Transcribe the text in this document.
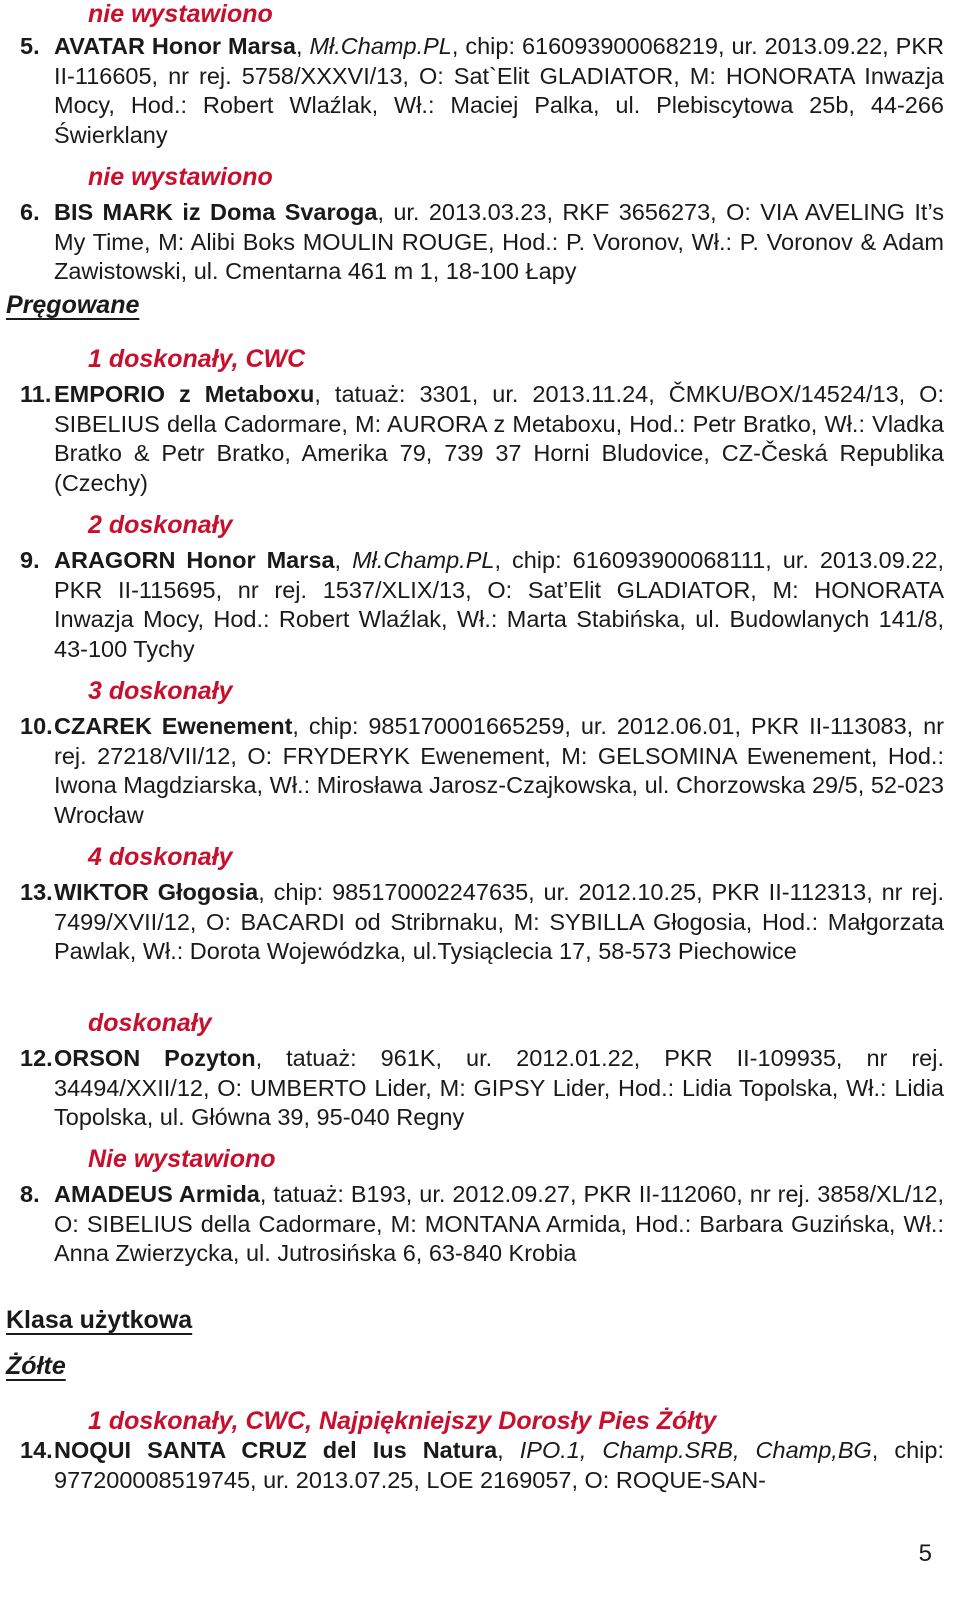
nie wystawiono
5. AVATAR Honor Marsa, Mł.Champ.PL, chip: 616093900068219, ur. 2013.09.22, PKR II-116605, nr rej. 5758/XXXVI/13, O: Sat`Elit GLADIATOR, M: HONORATA Inwazja Mocy, Hod.: Robert Wlaźlak, Wł.: Maciej Palka, ul. Plebiscytowa 25b, 44-266 Świerklany
nie wystawiono
6. BIS MARK iz Doma Svaroga, ur. 2013.03.23, RKF 3656273, O: VIA AVELING It’s My Time, M: Alibi Boks MOULIN ROUGE, Hod.: P. Voronov, Wł.: P. Voronov & Adam Zawistowski, ul. Cmentarna 461 m 1, 18-100 Łapy
Pręgowane
1 doskonały, CWC
11. EMPORIO z Metaboxu, tatuaż: 3301, ur. 2013.11.24, ČMKU/BOX/14524/13, O: SIBELIUS della Cadormare, M: AURORA z Metaboxu, Hod.: Petr Bratko, Wł.: Vladka Bratko & Petr Bratko, Amerika 79, 739 37 Horni Bludovice, CZ-Česká Republika (Czechy)
2 doskonały
9. ARAGORN Honor Marsa, Mł.Champ.PL, chip: 616093900068111, ur. 2013.09.22, PKR II-115695, nr rej. 1537/XLIX/13, O: Sat’Elit GLADIATOR, M: HONORATA Inwazja Mocy, Hod.: Robert Wlaźlak, Wł.: Marta Stabińska, ul. Budowlanych 141/8, 43-100 Tychy
3 doskonały
10. CZAREK Ewenement, chip: 985170001665259, ur. 2012.06.01, PKR II-113083, nr rej. 27218/VII/12, O: FRYDERYK Ewenement, M: GELSOMINA Ewenement, Hod.: Iwona Magdziarska, Wł.: Mirosława Jarosz-Czajkowska, ul. Chorzowska 29/5, 52-023 Wrocław
4 doskonały
13. WIKTOR Głogosia, chip: 985170002247635, ur. 2012.10.25, PKR II-112313, nr rej. 7499/XVII/12, O: BACARDI od Stribrnaku, M: SYBILLA Głogosia, Hod.: Małgorzata Pawlak, Wł.: Dorota Wojewódzka, ul.Tysiąclecia 17, 58-573 Piechowice
doskonały
12. ORSON Pozyton, tatuaż: 961K, ur. 2012.01.22, PKR II-109935, nr rej. 34494/XXII/12, O: UMBERTO Lider, M: GIPSY Lider, Hod.: Lidia Topolska, Wł.: Lidia Topolska, ul. Główna 39, 95-040 Regny
Nie wystawiono
8. AMADEUS Armida, tatuaż: B193, ur. 2012.09.27, PKR II-112060, nr rej. 3858/XL/12, O: SIBELIUS della Cadormare, M: MONTANA Armida, Hod.: Barbara Guzińska, Wł.: Anna Zwierzycka, ul. Jutrosińska 6, 63-840 Krobia
Klasa użytkowa
Żółte
1 doskonały, CWC, Najpiękniejszy Dorosły Pies Żółty
14. NOQUI SANTA CRUZ del Ius Natura, IPO.1, Champ.SRB, Champ,BG, chip: 977200008519745, ur. 2013.07.25, LOE 2169057, O: ROQUE-SAN-
5
